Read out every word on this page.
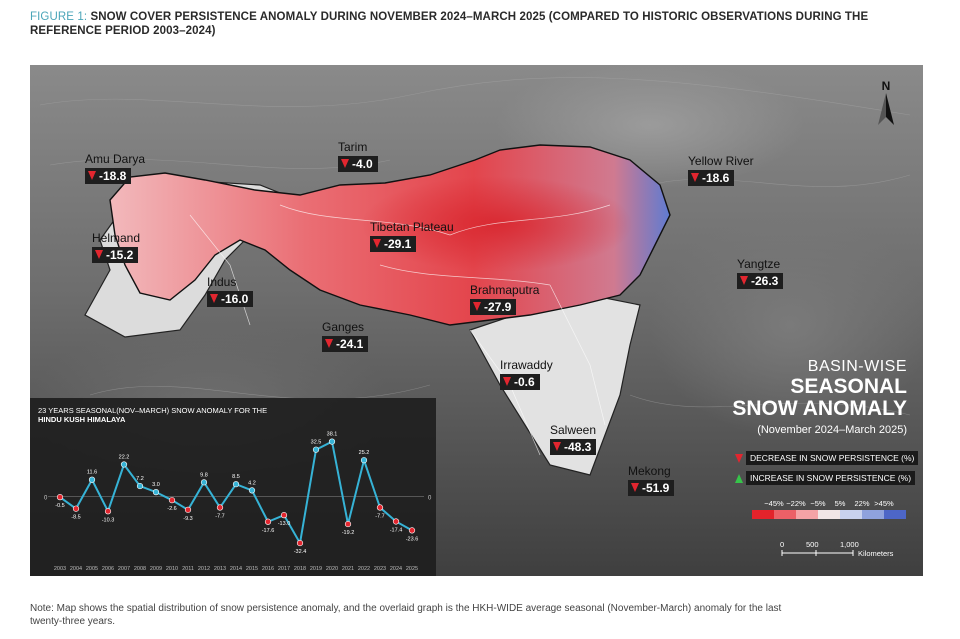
FIGURE 1: SNOW COVER PERSISTENCE ANOMALY DURING NOVEMBER 2024–MARCH 2025 (COMPARED TO HISTORIC OBSERVATIONS DURING THE REFERENCE PERIOD 2003–2024)
N
Amu Darya
-18.8
Tarim
-4.0	Yellow River
-18.6
Helmand
-15.2
Tibetan Plateau
-29.1
Indus
-16.0
Yangtze
-26.3
Brahmaputra
-27.9
Ganges
-24.1
Irrawaddy
-0.6
Salween
-48.3
Mekong
-51.9
BASIN-WISE
SEASONAL
SNOW ANOMALY
(November 2024–March 2025)
DECREASE IN SNOW PERSISTENCE (%)
INCREASE IN SNOW PERSISTENCE (%)
−45% −22% −5%	5%	22% >45%
0	500	1,000
Kilometers
23 YEARS SEASONAL(NOV–MARCH) SNOW ANOMALY FOR THE
HINDU KUSH HIMALAYA
0	0
-0.5
2003
-8.5
2004
11.6
2005
-10.3
2006
22.2
2007
7.2
2008
3.0
2009
-2.6
2010
-9.3
2011
9.8
2012
-7.7
2013
8.5
2014
4.2
2015
-17.6
2016
-13.0
2017
-32.4
2018
32.5
2019
38.1
2020
-19.2
2021
25.2
2022
-7.7
2023
-17.4
2024
-23.6
2025
Note: Map shows the spatial distribution of snow persistence anomaly, and the overlaid graph is the HKH-WIDE average seasonal (November-March) anomaly for the last twenty-three years.
